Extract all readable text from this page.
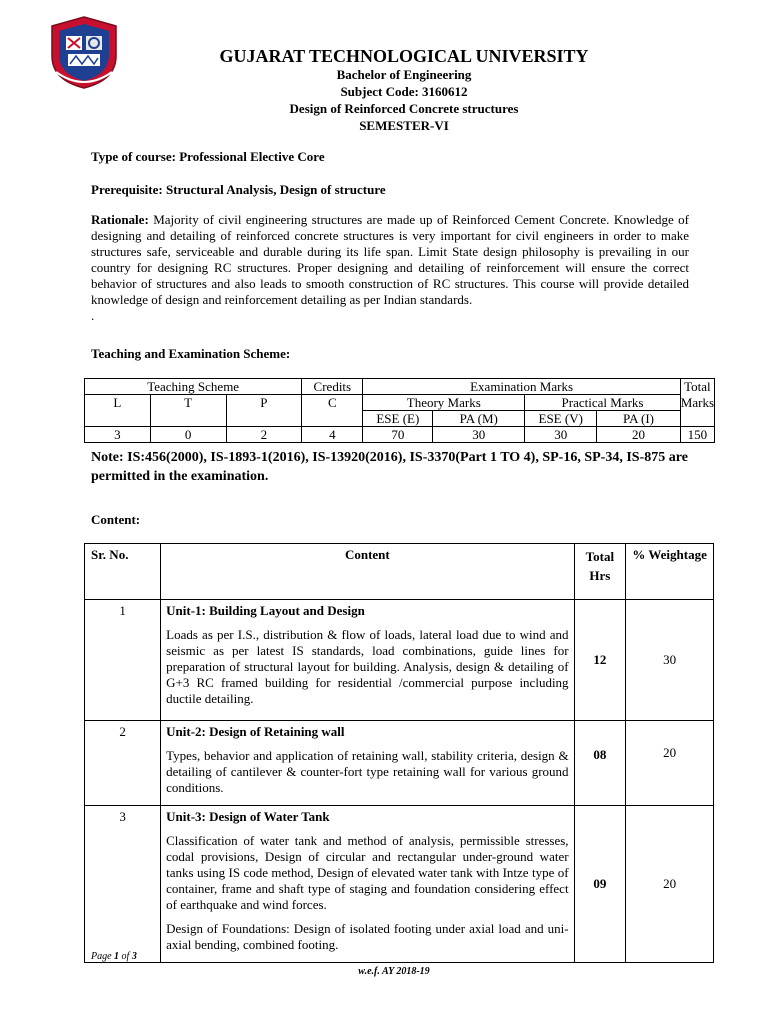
GUJARAT TECHNOLOGICAL UNIVERSITY
Bachelor of Engineering
Subject Code: 3160612
Design of Reinforced Concrete structures
SEMESTER-VI
Type of course: Professional Elective Core
Prerequisite: Structural Analysis, Design of structure
Rationale: Majority of civil engineering structures are made up of Reinforced Cement Concrete. Knowledge of designing and detailing of reinforced concrete structures is very important for civil engineers in order to make structures safe, serviceable and durable during its life span. Limit State design philosophy is prevailing in our country for designing RC structures. Proper designing and detailing of reinforcement will ensure the correct behavior of structures and also leads to smooth construction of RC structures. This course will provide detailed knowledge of design and reinforcement detailing as per Indian standards.
.
Teaching and Examination Scheme:
Teaching Scheme			Credits	Examination Marks				Total
Marks

L	T	P	C	Theory Marks		Practical Marks		
				ESE (E)	PA (M)	ESE (V)	PA (I)	
3	0	2	4	70	30	30	20	150
Note: IS:456(2000), IS-1893-1(2016), IS-13920(2016), IS-3370(Part 1 TO 4), SP-16, SP-34, IS-875 are permitted in the examination.
Content:
Sr. No.	Content	Total
Hrs	% Weightage
1	Unit-1: Building Layout and Design

Loads as per I.S., distribution & flow of loads, lateral load due to wind and seismic as per latest IS standards, load combinations, guide lines for preparation of structural layout for building. Analysis, design & detailing of G+3 RC framed building for residential /commercial purpose including ductile detailing.	12	30
2	Unit-2: Design of Retaining wall

Types, behavior and application of retaining wall, stability criteria, design & detailing of cantilever & counter-fort type retaining wall for various ground conditions.	08	20
3	Unit-3: Design of Water Tank

Classification of water tank and method of analysis, permissible stresses, codal provisions, Design of circular and rectangular under-ground water tanks using IS code method, Design of elevated water tank with Intze type of container, frame and shaft type of staging and foundation considering effect of earthquake and wind forces.

Design of Foundations: Design of isolated footing under axial load and uni-axial bending, combined footing.	09	20
Page 1 of 3
w.e.f. AY 2018-19
